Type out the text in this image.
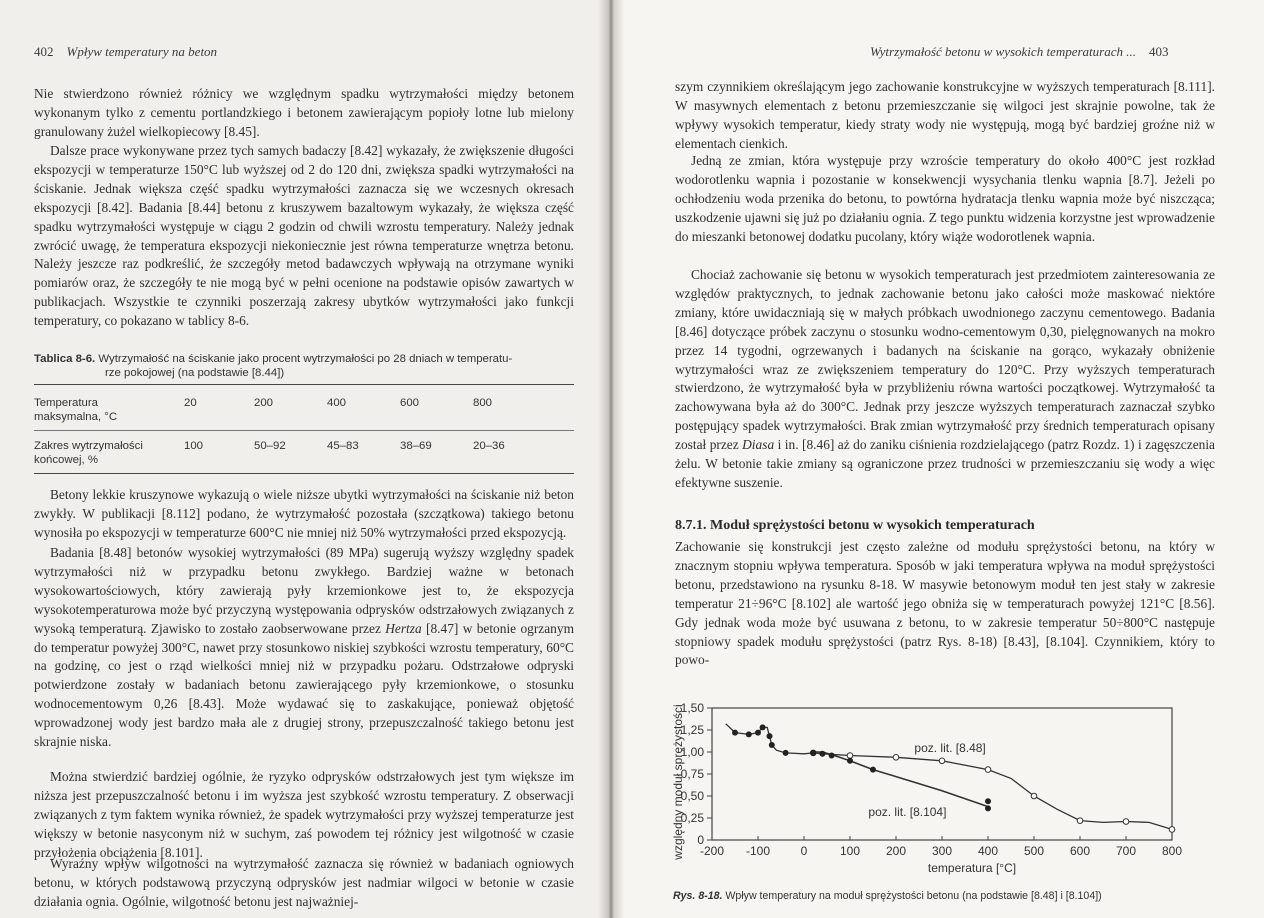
402 Wpływ temperatury na beton

Nie stwierdzono również różnicy we względnym spadku wytrzymałości między betonem wykonanym tylko z cementu portlandzkiego i betonem zawierającym popioły lotne lub mielony granulowany żużel wielkopiecowy [8.45].

Dalsze prace wykonywane przez tych samych badaczy [8.42] wykazały, że zwiększenie długości ekspozycji w temperaturze 150°C lub wyższej od 2 do 120 dni, zwiększa spadki wytrzymałości na ściskanie. Jednak większa część spadku wytrzymałości zaznacza się we wczesnych okresach ekspozycji [8.42]. Badania [8.44] betonu z kruszywem bazaltowym wykazały, że większa część spadku wytrzymałości występuje w ciągu 2 godzin od chwili wzrostu temperatury. Należy jednak zwrócić uwagę, że temperatura ekspozycji niekoniecznie jest równa temperaturze wnętrza betonu. Należy jeszcze raz podkreślić, że szczegóły metod badawczych wpływają na otrzymane wyniki pomiarów oraz, że szczegóły te nie mogą być w pełni ocenione na podstawie opisów zawartych w publikacjach. Wszystkie te czynniki poszerzają zakresy ubytków wytrzymałości jako funkcji temperatury, co pokazano w tablicy 8-6.

Tablica 8-6. Wytrzymałość na ściskanie jako procent wytrzymałości po 28 dniach w temperatu-
rze pokojowej (na podstawie [8.44])
Temperatura
maksymalna, °C	20	200	400	600	800
Zakres wytrzymałości
końcowej, %	100	50–92	45–83	38–69	20–36

Betony lekkie kruszynowe wykazują o wiele niższe ubytki wytrzymałości na ściskanie niż beton zwykły. W publikacji [8.112] podano, że wytrzymałość pozostała (szczątkowa) takiego betonu wynosiła po ekspozycji w temperaturze 600°C nie mniej niż 50% wytrzymałości przed ekspozycją.

Badania [8.48] betonów wysokiej wytrzymałości (89 MPa) sugerują wyższy względny spadek wytrzymałości niż w przypadku betonu zwykłego. Bardziej ważne w betonach wysokowartościowych, który zawierają pyły krzemionkowe jest to, że ekspozycja wysokotemperaturowa może być przyczyną występowania odprysków odstrzałowych związanych z wysoką temperaturą. Zjawisko to zostało zaobserwowane przez Hertza [8.47] w betonie ogrzanym do temperatur powyżej 300°C, nawet przy stosunkowo niskiej szybkości wzrostu temperatury, 60°C na godzinę, co jest o rząd wielkości mniej niż w przypadku pożaru. Odstrzałowe odpryski potwierdzone zostały w badaniach betonu zawierającego pyły krzemionkowe, o stosunku wodnocementowym 0,26 [8.43]. Może wydawać się to zaskakujące, ponieważ objętość wprowadzonej wody jest bardzo mała ale z drugiej strony, przepuszczalność takiego betonu jest skrajnie niska.

Można stwierdzić bardziej ogólnie, że ryzyko odprysków odstrzałowych jest tym większe im niższa jest przepuszczalność betonu i im wyższa jest szybkość wzrostu temperatury. Z obserwacji związanych z tym faktem wynika również, że spadek wytrzymałości przy wyższej temperaturze jest większy w betonie nasyconym niż w suchym, zaś powodem tej różnicy jest wilgotność w czasie przyłożenia obciążenia [8.101].

Wyraźny wpływ wilgotności na wytrzymałość zaznacza się również w badaniach ogniowych betonu, w których podstawową przyczyną odprysków jest nadmiar wilgoci w betonie w czasie działania ognia. Ogólnie, wilgotność betonu jest najważniej-

Wytrzymałość betonu w wysokich temperaturach ... 403

szym czynnikiem określającym jego zachowanie konstrukcyjne w wyższych temperaturach [8.111]. W masywnych elementach z betonu przemieszczanie się wilgoci jest skrajnie powolne, tak że wpływy wysokich temperatur, kiedy straty wody nie występują, mogą być bardziej groźne niż w elementach cienkich.

Jedną ze zmian, która występuje przy wzroście temperatury do około 400°C jest rozkład wodorotlenku wapnia i pozostanie w konsekwencji wysychania tlenku wapnia [8.7]. Jeżeli po ochłodzeniu woda przenika do betonu, to powtórna hydratacja tlenku wapnia może być niszcząca; uszkodzenie ujawni się już po działaniu ognia. Z tego punktu widzenia korzystne jest wprowadzenie do mieszanki betonowej dodatku pucolany, który wiąże wodorotlenek wapnia.

Chociaż zachowanie się betonu w wysokich temperaturach jest przedmiotem zainteresowania ze względów praktycznych, to jednak zachowanie betonu jako całości może maskować niektóre zmiany, które uwidaczniają się w małych próbkach uwodnionego zaczynu cementowego. Badania [8.46] dotyczące próbek zaczynu o stosunku wodno-cementowym 0,30, pielęgnowanych na mokro przez 14 tygodni, ogrzewanych i badanych na ściskanie na gorąco, wykazały obniżenie wytrzymałości wraz ze zwiększeniem temperatury do 120°C. Przy wyższych temperaturach stwierdzono, że wytrzymałość była w przybliżeniu równa wartości początkowej. Wytrzymałość ta zachowywana była aż do 300°C. Jednak przy jeszcze wyższych temperaturach zaznaczał szybko postępujący spadek wytrzymałości. Brak zmian wytrzymałość przy średnich temperaturach opisany został przez Diasa i in. [8.46] aż do zaniku ciśnienia rozdzielającego (patrz Rozdz. 1) i zagęszczenia żelu. W betonie takie zmiany są ograniczone przez trudności w przemieszczaniu się wody a więc efektywne suszenie.

8.7.1. Moduł sprężystości betonu w wysokich temperaturach

Zachowanie się konstrukcji jest często zależne od modułu sprężystości betonu, na który w znacznym stopniu wpływa temperatura. Sposób w jaki temperatura wpływa na moduł sprężystości betonu, przedstawiono na rysunku 8-18. W masywie betonowym moduł ten jest stały w zakresie temperatur 21÷96°C [8.102] ale wartość jego obniża się w temperaturach powyżej 121°C [8.56]. Gdy jednak woda może być usuwana z betonu, to w zakresie temperatur 50÷800°C następuje stopniowy spadek modułu sprężystości (patrz Rys. 8-18) [8.43], [8.104]. Czynnikiem, który to powo-

0
0,25
0,50
0,75
1,00
1,25
1,50
-200 -100	0	100 200 300 400 500 600 700 800
temperatura [°C]
względny moduł sprężystości	poz. lit. [8.48]
poz. lit. [8.104]
Rys. 8-18. Wpływ temperatury na moduł sprężystości betonu (na podstawie [8.48] i [8.104])
